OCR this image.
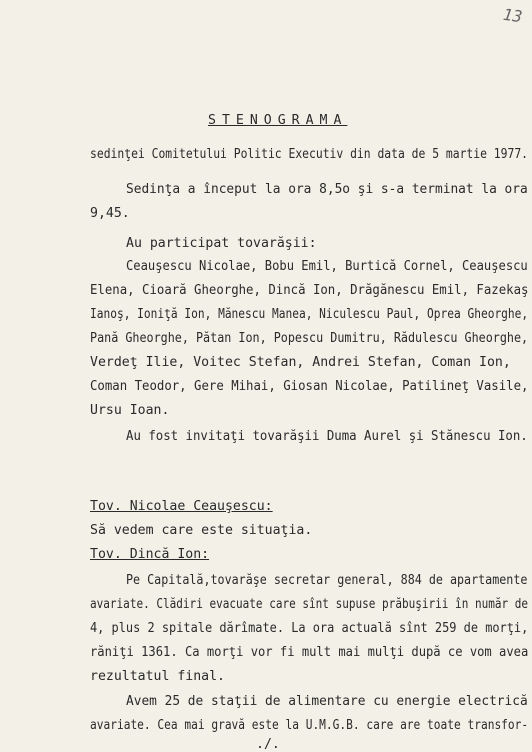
13
STENOGRAMA
sedinţei Comitetului Politic Executiv din data de 5 martie 1977.
Sedinţa a început la ora 8,5o şi s-a terminat la ora
9,45.
Au participat tovarăşii:
Ceauşescu Nicolae, Bobu Emil, Burtică Cornel, Ceauşescu
Elena, Cioară Gheorghe, Dincă Ion, Drăgănescu Emil, Fazekaş
Ianoş, Ioniţă Ion, Mănescu Manea, Niculescu Paul, Oprea Gheorghe,
Pană Gheorghe, Pătan Ion, Popescu Dumitru, Rădulescu Gheorghe,
Verdeţ Ilie, Voitec Stefan, Andrei Stefan, Coman Ion,
Coman Teodor, Gere Mihai, Giosan Nicolae, Patilineţ Vasile,
Ursu Ioan.
Au fost invitaţi tovarăşii Duma Aurel şi Stănescu Ion.
Tov. Nicolae Ceauşescu:
Să vedem care este situaţia.
Tov. Dincă Ion:
Pe Capitală,tovarăşe secretar general, 884 de apartamente
avariate. Clădiri evacuate care sînt supuse prăbuşirii în număr de
4, plus 2 spitale dărîmate. La ora actuală sînt 259 de morţi,
răniţi 1361. Ca morţi vor fi mult mai mulţi după ce vom avea
rezultatul final.
Avem 25 de staţii de alimentare cu energie electrică
avariate. Cea mai gravă este la U.M.G.B. care are toate transfor-
./.
